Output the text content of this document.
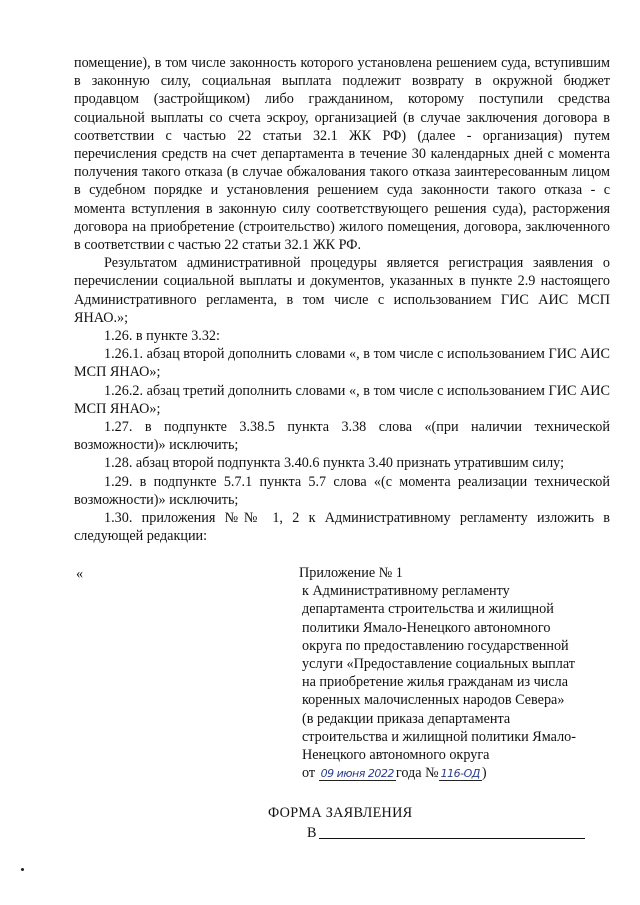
помещение), в том числе законность которого установлена решением суда, вступившим в законную силу, социальная выплата подлежит возврату в окружной бюджет продавцом (застройщиком) либо гражданином, которому поступили средства социальной выплаты со счета эскроу, организацией (в случае заключения договора в соответствии с частью 22 статьи 32.1 ЖК РФ) (далее - организация) путем перечисления средств на счет департамента в течение 30 календарных дней с момента получения такого отказа (в случае обжалования такого отказа заинтересованным лицом в судебном порядке и установления решением суда законности такого отказа - с момента вступления в законную силу соответствующего решения суда), расторжения договора на приобретение (строительство) жилого помещения, договора, заключенного в соответствии с частью 22 статьи 32.1 ЖК РФ.

Результатом административной процедуры является регистрация заявления о перечислении социальной выплаты и документов, указанных в пункте 2.9 настоящего Административного регламента, в том числе с использованием ГИС АИС МСП ЯНАО.»;

1.26. в пункте 3.32:

1.26.1. абзац второй дополнить словами «, в том числе с использованием ГИС АИС МСП ЯНАО»;

1.26.2. абзац третий дополнить словами «, в том числе с использованием ГИС АИС МСП ЯНАО»;

1.27. в подпункте 3.38.5 пункта 3.38 слова «(при наличии технической возможности)» исключить;

1.28. абзац второй подпункта 3.40.6 пункта 3.40 признать утратившим силу;

1.29. в подпункте 5.7.1 пункта 5.7 слова «(с момента реализации технической возможности)» исключить;

1.30. приложения №№ 1, 2 к Административному регламенту изложить в следующей редакции:

«	Приложение № 1
к Административному регламенту
департамента строительства и жилищной
политики Ямало-Ненецкого автономного
округа по предоставлению государственной
услуги «Предоставление социальных выплат
на приобретение жилья гражданам из числа
коренных малочисленных народов Севера»
(в редакции приказа департамента
строительства и жилищной политики Ямало-
Ненецкого автономного округа
от 09 июня 2022 года № 116-ОД )
ФОРМА ЗАЯВЛЕНИЯ
В
